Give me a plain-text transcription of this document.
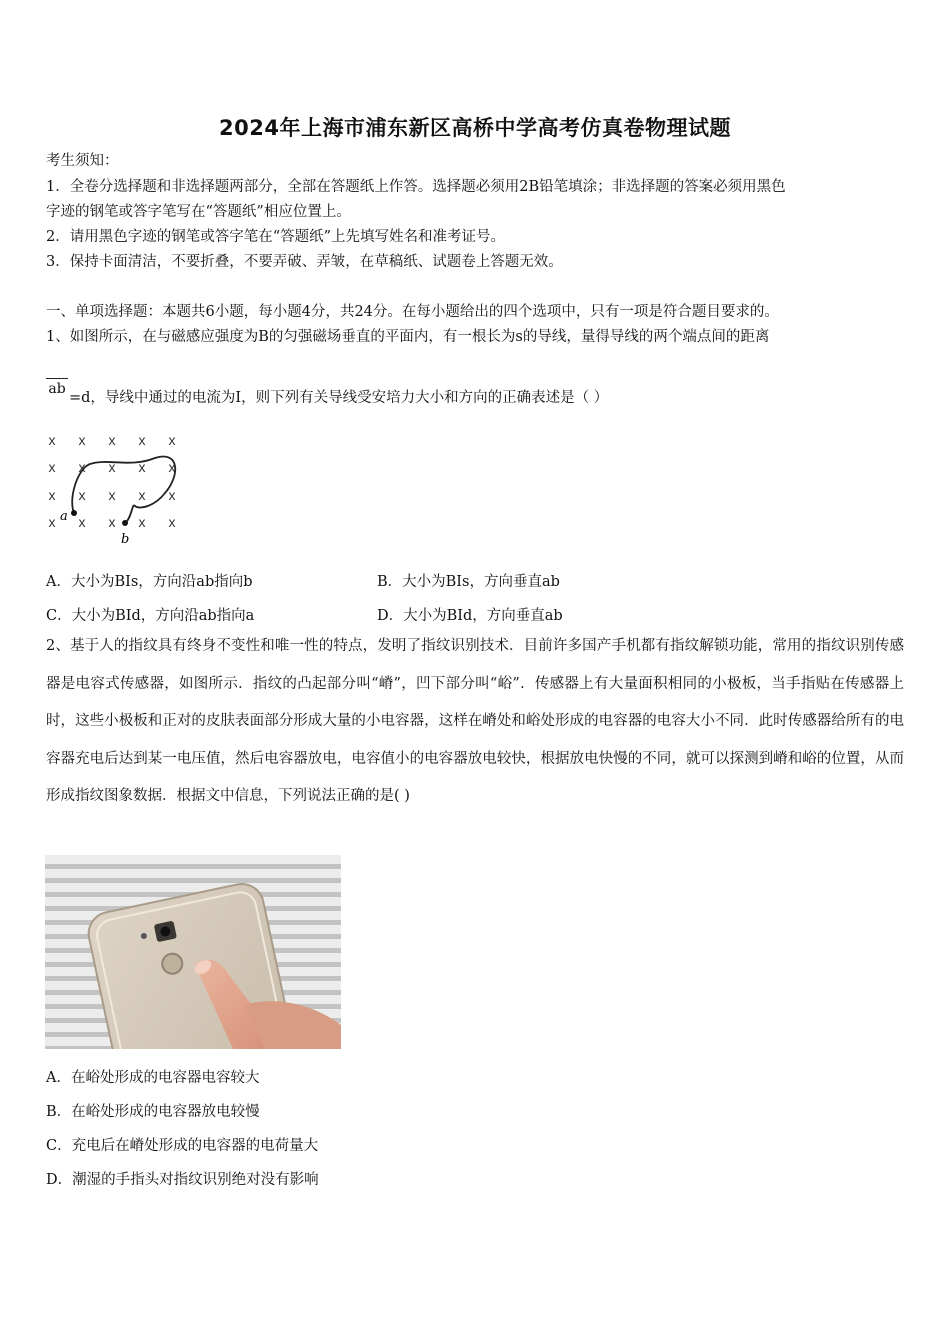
2024年上海市浦东新区高桥中学高考仿真卷物理试题
考生须知：
1．全卷分选择题和非选择题两部分，全部在答题纸上作答。选择题必须用2B铅笔填涂；非选择题的答案必须用黑色
字迹的钢笔或答字笔写在“答题纸”相应位置上。
2．请用黑色字迹的钢笔或答字笔在“答题纸”上先填写姓名和准考证号。
3．保持卡面清洁，不要折叠，不要弄破、弄皱，在草稿纸、试题卷上答题无效。
一、单项选择题：本题共6小题，每小题4分，共24分。在每小题给出的四个选项中，只有一项是符合题目要求的。
1、如图所示，在与磁感应强度为B的匀强磁场垂直的平面内，有一根长为s的导线，量得导线的两个端点间的距离
ab
=d，导线中通过的电流为I，则下列有关导线受安培力大小和方向的正确表述是（ ）
x x x x x
x x x x x
x x x x x
x x x x x
a
b
A．大小为BIs，方向沿ab指向b	B．大小为BIs，方向垂直ab
C．大小为BId，方向沿ab指向a	D．大小为BId，方向垂直ab
2、基于人的指纹具有终身不变性和唯一性的特点，发明了指纹识别技术．目前许多国产手机都有指纹解锁功能，常用的指纹识别传感器是电容式传感器，如图所示．指纹的凸起部分叫“嵴”，凹下部分叫“峪”．传感器上有大量面积相同的小极板，当手指贴在传感器上时，这些小极板和正对的皮肤表面部分形成大量的小电容器，这样在嵴处和峪处形成的电容器的电容大小不同．此时传感器给所有的电容器充电后达到某一电压值，然后电容器放电，电容值小的电容器放电较快，根据放电快慢的不同，就可以探测到嵴和峪的位置，从而形成指纹图象数据．根据文中信息，下列说法正确的是( )
A．在峪处形成的电容器电容较大
B．在峪处形成的电容器放电较慢
C．充电后在嵴处形成的电容器的电荷量大
D．潮湿的手指头对指纹识别绝对没有影响
